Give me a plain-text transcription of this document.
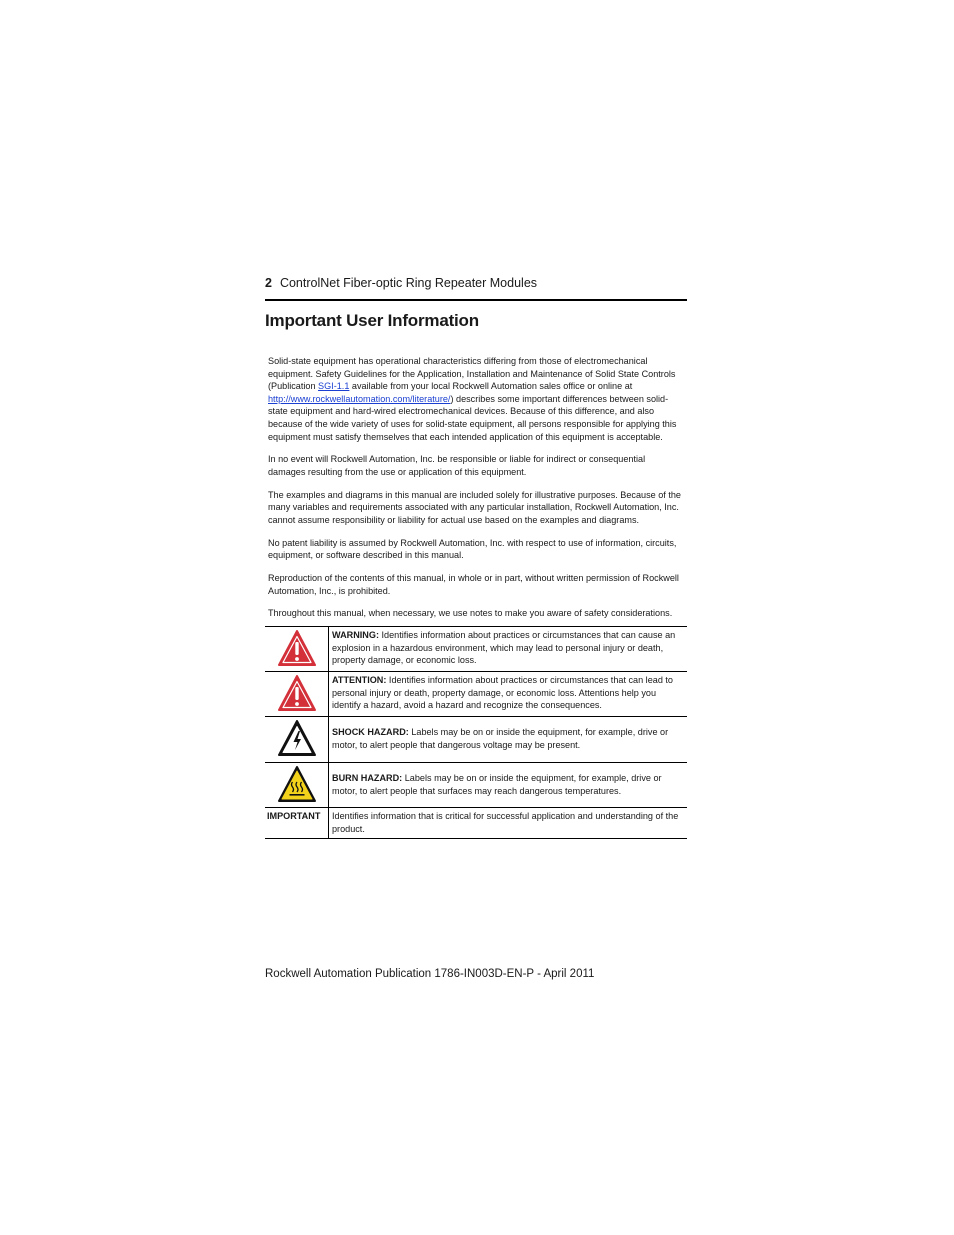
2 ControlNet Fiber-optic Ring Repeater Modules
Important User Information

Solid-state equipment has operational characteristics differing from those of electromechanical equipment. Safety Guidelines for the Application, Installation and Maintenance of Solid State Controls (Publication SGI-1.1 available from your local Rockwell Automation sales office or online at http://www.rockwellautomation.com/literature/) describes some important differences between solid-state equipment and hard-wired electromechanical devices. Because of this difference, and also because of the wide variety of uses for solid-state equipment, all persons responsible for applying this equipment must satisfy themselves that each intended application of this equipment is acceptable.

In no event will Rockwell Automation, Inc. be responsible or liable for indirect or consequential damages resulting from the use or application of this equipment.

The examples and diagrams in this manual are included solely for illustrative purposes. Because of the many variables and requirements associated with any particular installation, Rockwell Automation, Inc. cannot assume responsibility or liability for actual use based on the examples and diagrams.

No patent liability is assumed by Rockwell Automation, Inc. with respect to use of information, circuits, equipment, or software described in this manual.

Reproduction of the contents of this manual, in whole or in part, without written permission of Rockwell Automation, Inc., is prohibited.

Throughout this manual, when necessary, we use notes to make you aware of safety considerations.

	WARNING: Identifies information about practices or circumstances that can cause an explosion in a hazardous environment, which may lead to personal injury or death, property damage, or economic loss.

	ATTENTION: Identifies information about practices or circumstances that can lead to personal injury or death, property damage, or economic loss. Attentions help you identify a hazard, avoid a hazard and recognize the consequences.

	SHOCK HAZARD: Labels may be on or inside the equipment, for example, drive or motor, to alert people that dangerous voltage may be present.

	BURN HAZARD: Labels may be on or inside the equipment, for example, drive or motor, to alert people that surfaces may reach dangerous temperatures.
IMPORTANT	Identifies information that is critical for successful application and understanding of the product.
Rockwell Automation Publication 1786-IN003D-EN-P - April 2011
